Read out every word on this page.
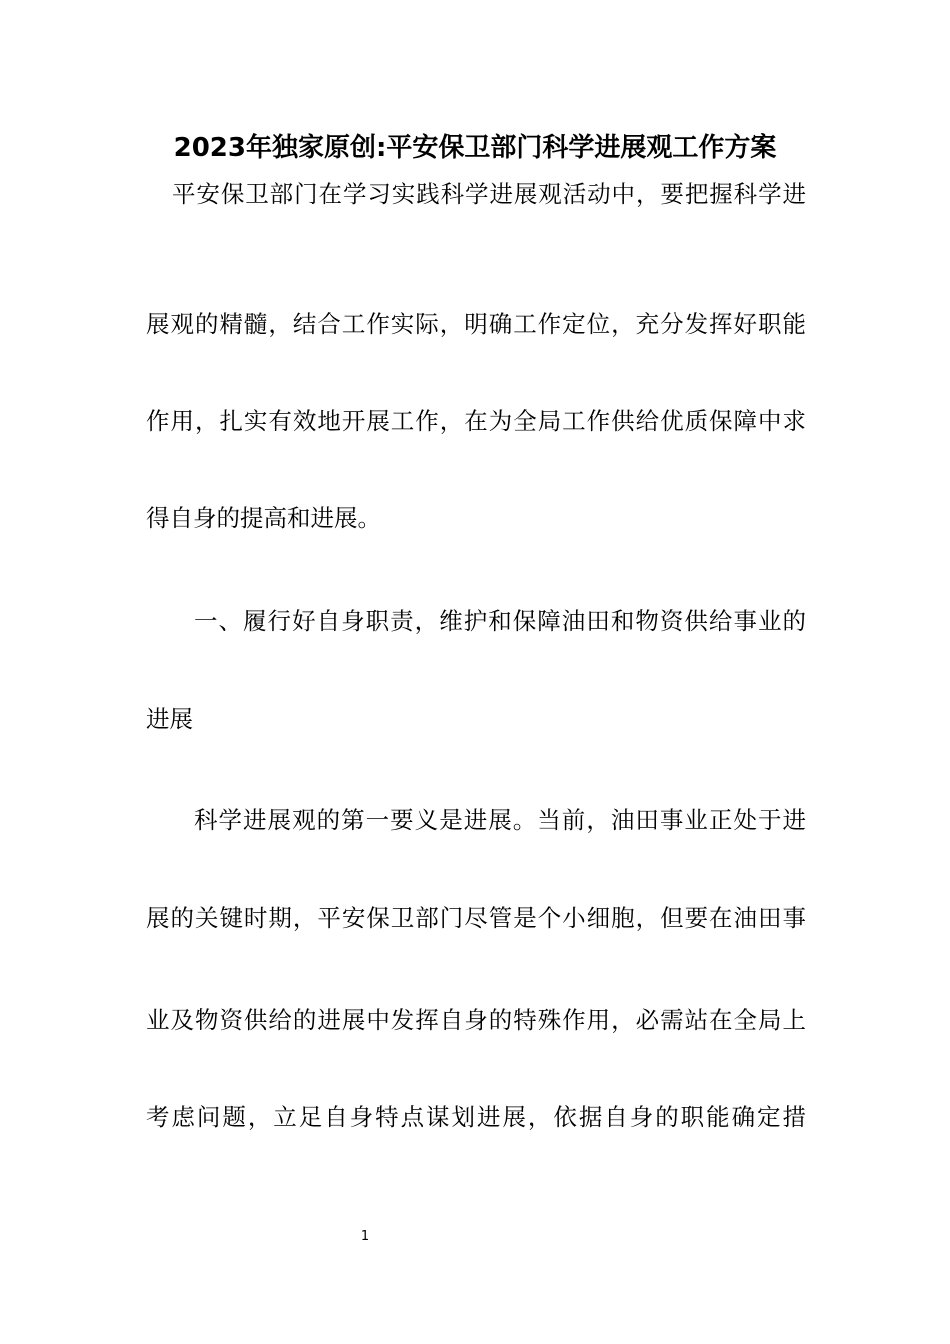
2023年独家原创:平安保卫部门科学进展观工作方案
平安保卫部门在学习实践科学进展观活动中，要把握科学进
展观的精髓，结合工作实际，明确工作定位，充分发挥好职能
作用，扎实有效地开展工作，在为全局工作供给优质保障中求
得自身的提高和进展。
一、履行好自身职责，维护和保障油田和物资供给事业的
进展
科学进展观的第一要义是进展。当前，油田事业正处于进
展的关键时期，平安保卫部门尽管是个小细胞，但要在油田事
业及物资供给的进展中发挥自身的特殊作用，必需站在全局上
考虑问题，立足自身特点谋划进展，依据自身的职能确定措
1
